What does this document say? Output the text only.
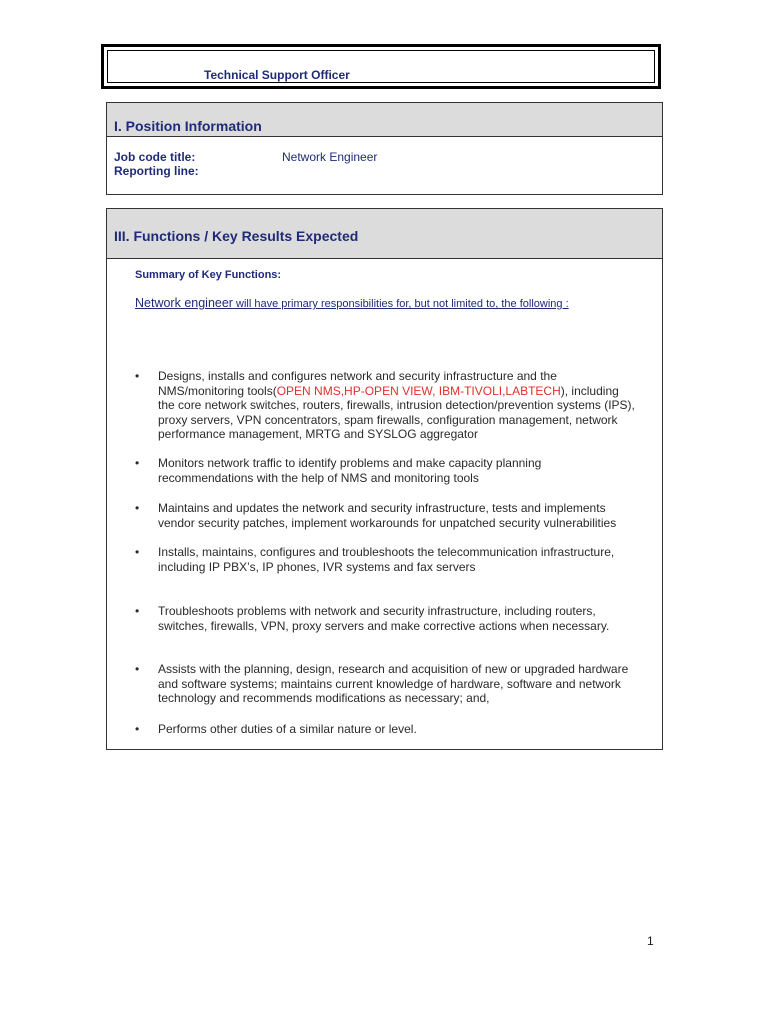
Technical Support Officer
I. Position Information
Job code title:	Network Engineer
Reporting line:
III. Functions / Key Results Expected
Summary of Key Functions:
Network engineer will have primary responsibilities for, but not limited to, the following :
• Designs, installs and configures network and security infrastructure and the NMS/monitoring tools(OPEN NMS,HP-OPEN VIEW, IBM-TIVOLI,LABTECH), including the core network switches, routers, firewalls, intrusion detection/prevention systems (IPS), proxy servers, VPN concentrators, spam firewalls, configuration management, network performance management, MRTG and SYSLOG aggregator
• Monitors network traffic to identify problems and make capacity planning recommendations with the help of NMS and monitoring tools
• Maintains and updates the network and security infrastructure, tests and implements vendor security patches, implement workarounds for unpatched security vulnerabilities
• Installs, maintains, configures and troubleshoots the telecommunication infrastructure, including IP PBX’s, IP phones, IVR systems and fax servers
• Troubleshoots problems with network and security infrastructure, including routers, switches, firewalls, VPN, proxy servers and make corrective actions when necessary.
• Assists with the planning, design, research and acquisition of new or upgraded hardware and software systems; maintains current knowledge of hardware, software and network technology and recommends modifications as necessary; and,
• Performs other duties of a similar nature or level.
1
